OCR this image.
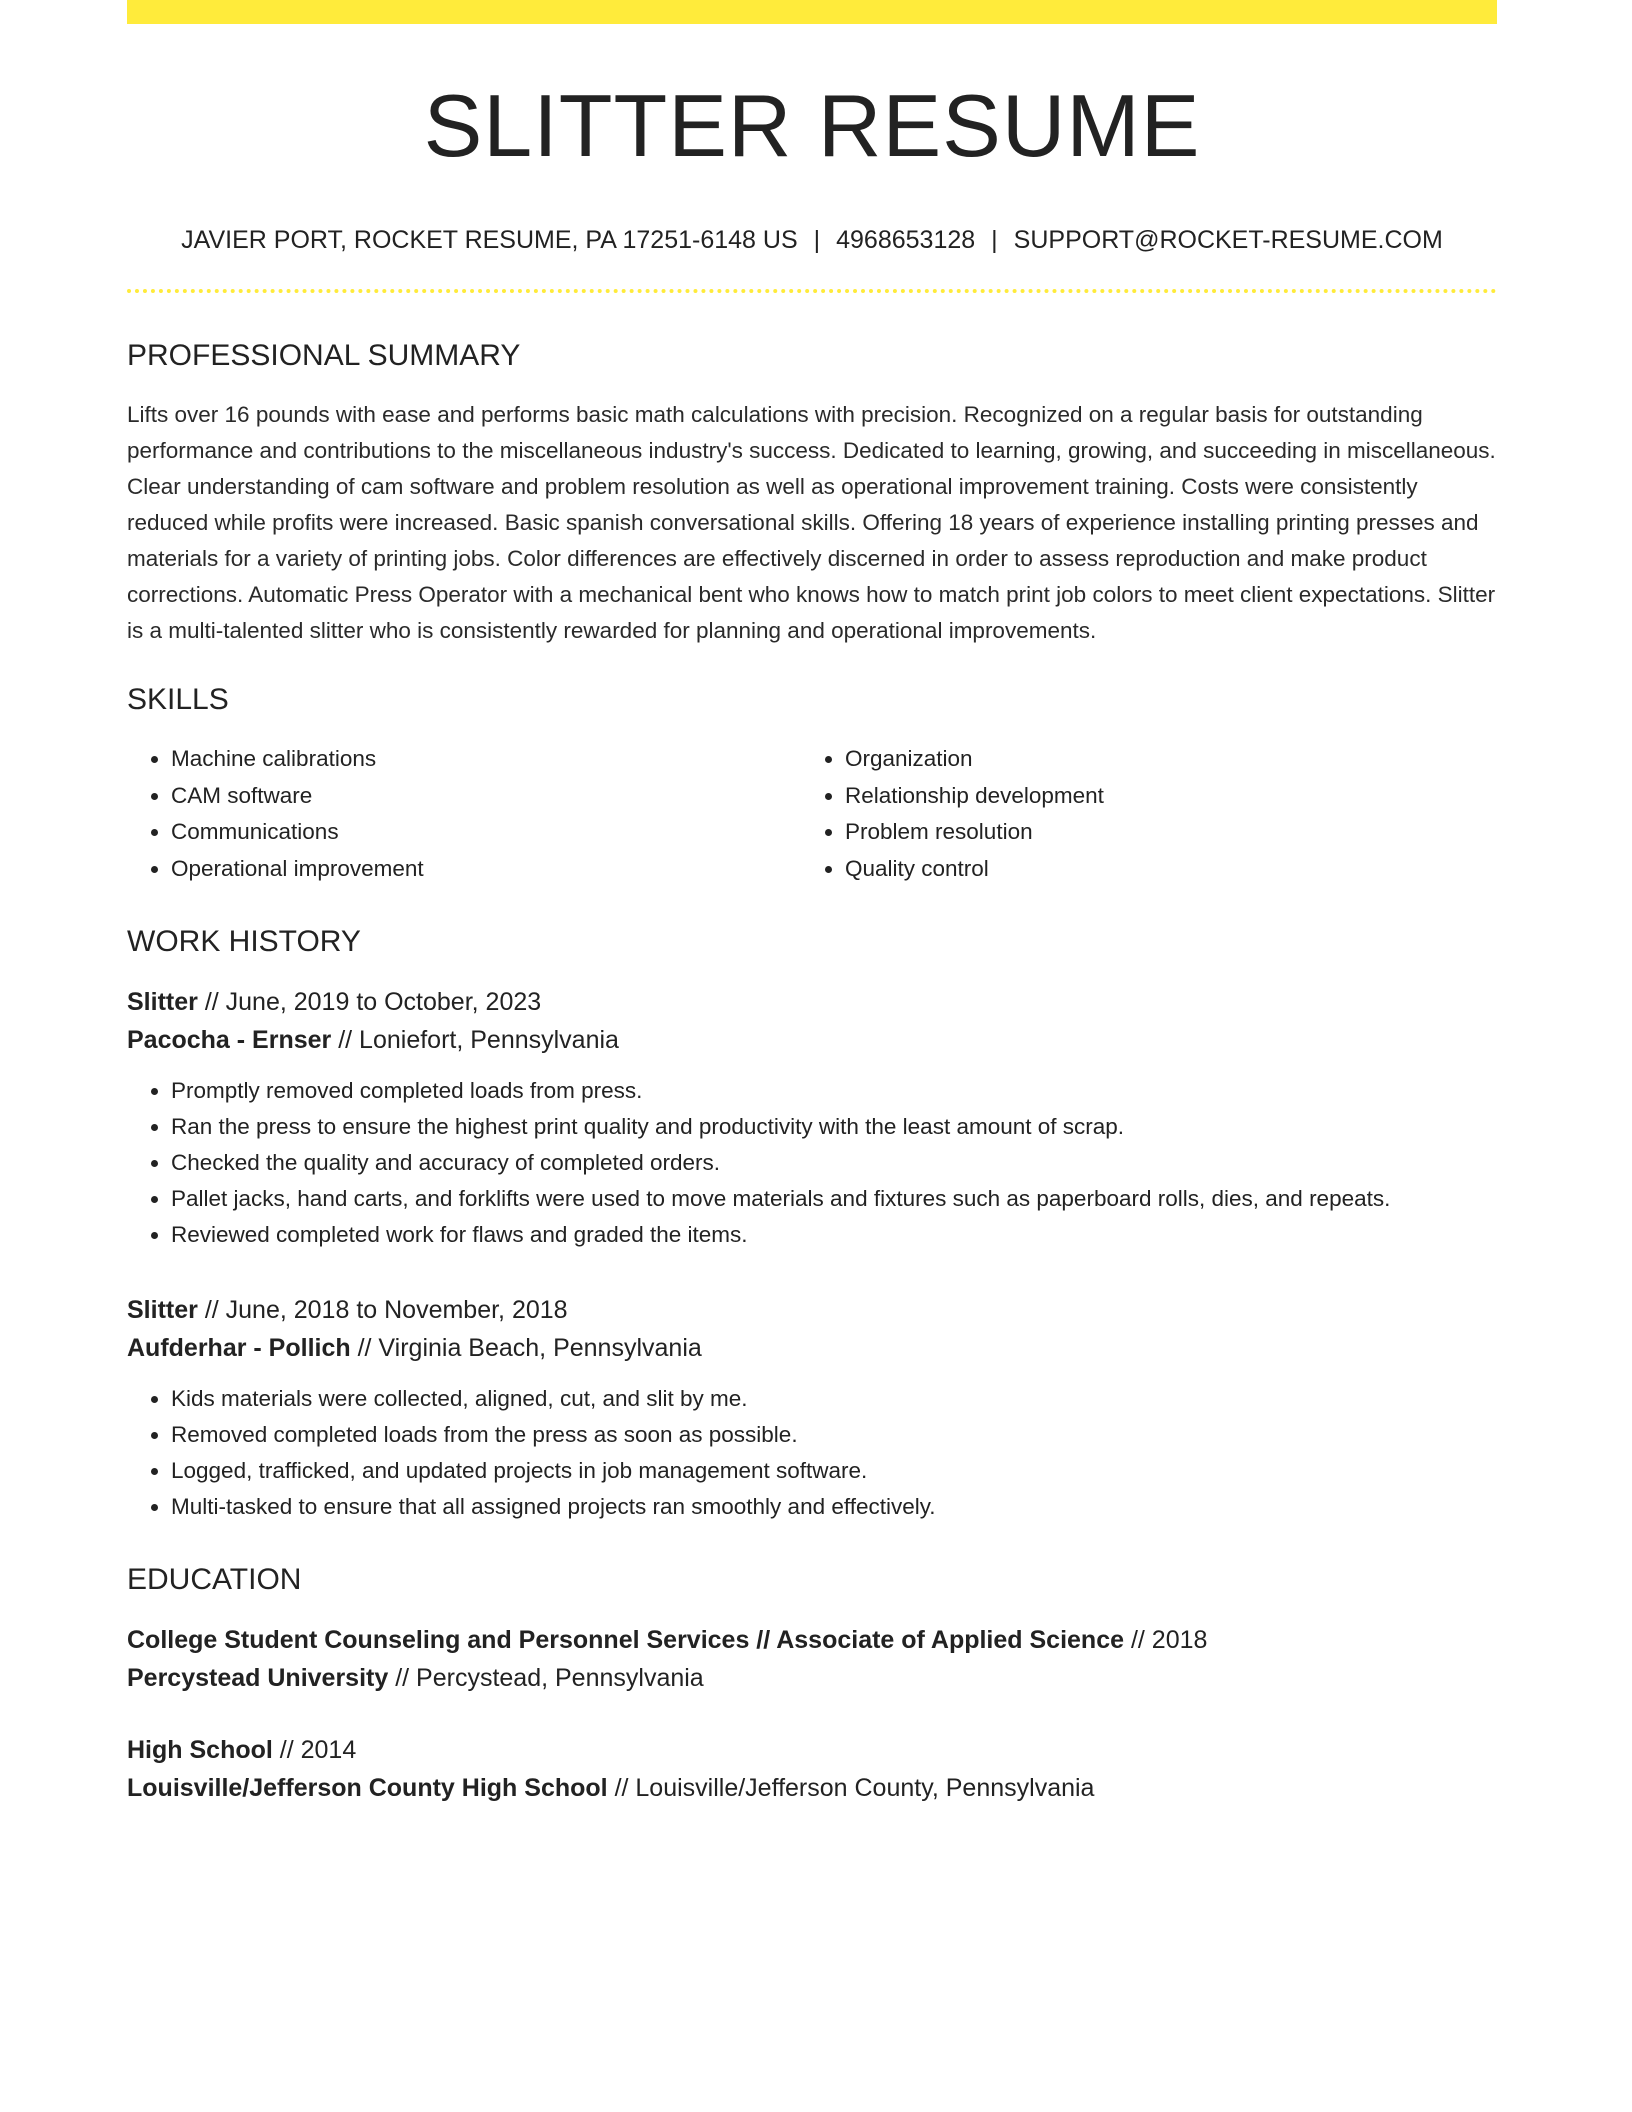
SLITTER RESUME
JAVIER PORT, ROCKET RESUME, PA 17251-6148 US | 4968653128 | SUPPORT@ROCKET-RESUME.COM
PROFESSIONAL SUMMARY

Lifts over 16 pounds with ease and performs basic math calculations with precision. Recognized on a regular basis for outstanding performance and contributions to the miscellaneous industry's success. Dedicated to learning, growing, and succeeding in miscellaneous. Clear understanding of cam software and problem resolution as well as operational improvement training. Costs were consistently reduced while profits were increased. Basic spanish conversational skills. Offering 18 years of experience installing printing presses and materials for a variety of printing jobs. Color differences are effectively discerned in order to assess reproduction and make product corrections. Automatic Press Operator with a mechanical bent who knows how to match print job colors to meet client expectations. Slitter is a multi-talented slitter who is consistently rewarded for planning and operational improvements.

SKILLS
• Machine calibrations
• CAM software
• Communications
• Operational improvement
• Organization
• Relationship development
• Problem resolution
• Quality control
WORK HISTORY
Slitter // June, 2019 to October, 2023
Pacocha - Ernser // Loniefort, Pennsylvania
• Promptly removed completed loads from press.
• Ran the press to ensure the highest print quality and productivity with the least amount of scrap.
• Checked the quality and accuracy of completed orders.
• Pallet jacks, hand carts, and forklifts were used to move materials and fixtures such as paperboard rolls, dies, and repeats.
• Reviewed completed work for flaws and graded the items.
Slitter // June, 2018 to November, 2018
Aufderhar - Pollich // Virginia Beach, Pennsylvania
• Kids materials were collected, aligned, cut, and slit by me.
• Removed completed loads from the press as soon as possible.
• Logged, trafficked, and updated projects in job management software.
• Multi-tasked to ensure that all assigned projects ran smoothly and effectively.
EDUCATION
College Student Counseling and Personnel Services // Associate of Applied Science // 2018
Percystead University // Percystead, Pennsylvania
High School // 2014
Louisville/Jefferson County High School // Louisville/Jefferson County, Pennsylvania
